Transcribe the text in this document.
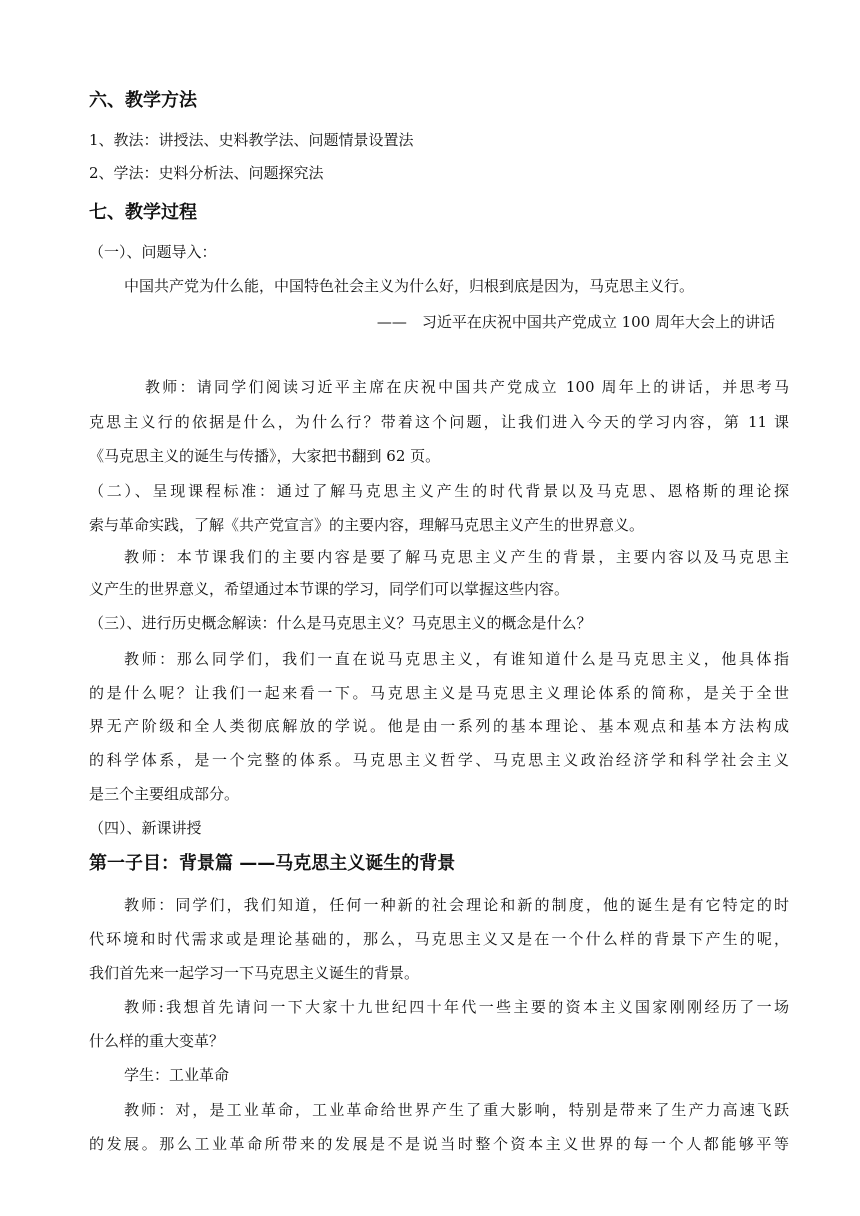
六、教学方法
1、教法：讲授法、史料教学法、问题情景设置法
2、学法：史料分析法、问题探究法
七、教学过程
（一）、问题导入：
中国共产党为什么能，中国特色社会主义为什么好，归根到底是因为，马克思主义行。
——　习近平在庆祝中国共产党成立 100 周年大会上的讲话
教师：请同学们阅读习近平主席在庆祝中国共产党成立 100 周年上的讲话，并思考马
克思主义行的依据是什么，为什么行？带着这个问题，让我们进入今天的学习内容，第 11 课
《马克思主义的诞生与传播》，大家把书翻到 62 页。
（二）、呈现课程标准：通过了解马克思主义产生的时代背景以及马克思、恩格斯的理论探
索与革命实践，了解《共产党宣言》的主要内容，理解马克思主义产生的世界意义。
教师：本节课我们的主要内容是要了解马克思主义产生的背景，主要内容以及马克思主
义产生的世界意义，希望通过本节课的学习，同学们可以掌握这些内容。
（三）、进行历史概念解读：什么是马克思主义？马克思主义的概念是什么？
教师：那么同学们，我们一直在说马克思主义，有谁知道什么是马克思主义，他具体指
的是什么呢？让我们一起来看一下。马克思主义是马克思主义理论体系的简称，是关于全世
界无产阶级和全人类彻底解放的学说。他是由一系列的基本理论、基本观点和基本方法构成
的科学体系，是一个完整的体系。马克思主义哲学、马克思主义政治经济学和科学社会主义
是三个主要组成部分。
（四）、新课讲授
第一子目：背景篇 ——马克思主义诞生的背景
教师：同学们，我们知道，任何一种新的社会理论和新的制度，他的诞生是有它特定的时
代环境和时代需求或是理论基础的，那么，马克思主义又是在一个什么样的背景下产生的呢，
我们首先来一起学习一下马克思主义诞生的背景。
教师:我想首先请问一下大家十九世纪四十年代一些主要的资本主义国家刚刚经历了一场
什么样的重大变革？
学生：工业革命
教师：对，是工业革命，工业革命给世界产生了重大影响，特别是带来了生产力高速飞跃
的发展。那么工业革命所带来的发展是不是说当时整个资本主义世界的每一个人都能够平等
